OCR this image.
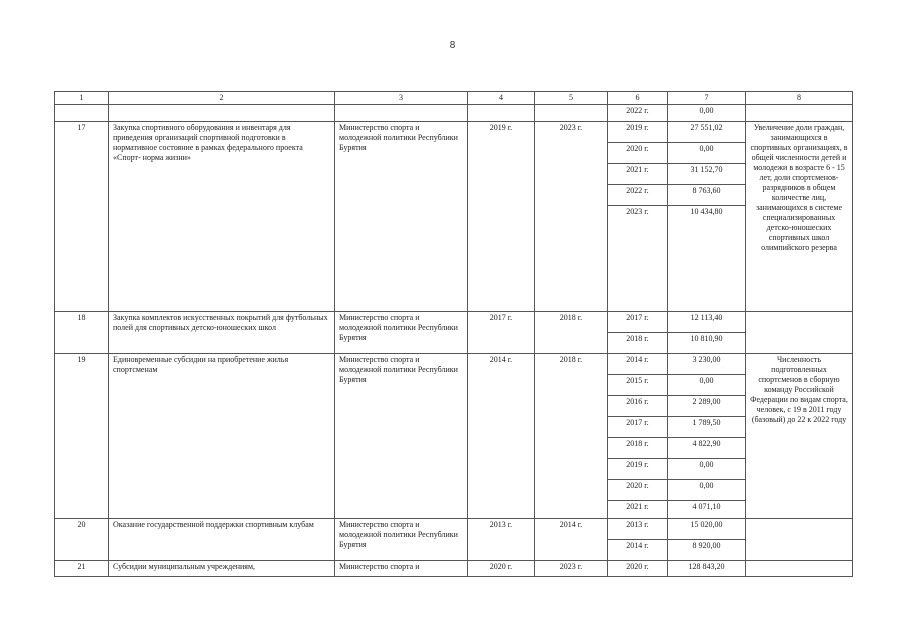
8
1	2	3	4	5	6	7	8
					2022 г.	0,00	
17	Закупка спортивного оборудования и инвентаря для приведения организаций спортивной подготовки в нормативное состояние в рамках федерального проекта «Спорт- норма жизни»	Министерство спорта и молодежной политики Республики Бурятия	2019 г.	2023 г.	2019 г.	27 551,02	Увеличение доли граждан, занимающихся в спортивных организациях, в общей численности детей и молодежи в возрасте 6 - 15 лет, доли спортсменов-разрядников в общем количестве лиц, занимающихся в системе специализированных детско-юношеских спортивных школ олимпийского резерва
					2020 г.	0,00	
					2021 г.	31 152,70	
					2022 г.	8 763,60	
					2023 г.	10 434,80	
18	Закупка комплектов искусственных покрытий для футбольных полей для спортивных детско-юношеских школ	Министерство спорта и молодежной политики Республики Бурятия	2017 г.	2018 г.	2017 г.	12 113,40	
					2018 г.	10 810,90	
19	Единовременные субсидии на приобретение жилья спортсменам	Министерство спорта и молодежной политики Республики Бурятия	2014 г.	2018 г.	2014 г.	3 230,00	Численность подготовленных спортсменов в сборную команду Российской Федерации по видам спорта, человек, с 19 в 2011 году (базовый) до 22 к 2022 году
					2015 г.	0,00	
					2016 г.	2 289,00	
					2017 г.	1 789,50	
					2018 г.	4 822,90	
					2019 г.	0,00	
					2020 г.	0,00	
					2021 г.	4 071,10	
20	Оказание государственной поддержки спортивным клубам	Министерство спорта и молодежной политики Республики Бурятия	2013 г.	2014 г.	2013 г.	15 020,00	
					2014 г.	8 920,00	
21	Субсидии муниципальным учреждениям,	Министерство спорта и	2020 г.	2023 г.	2020 г.	128 843,20	
